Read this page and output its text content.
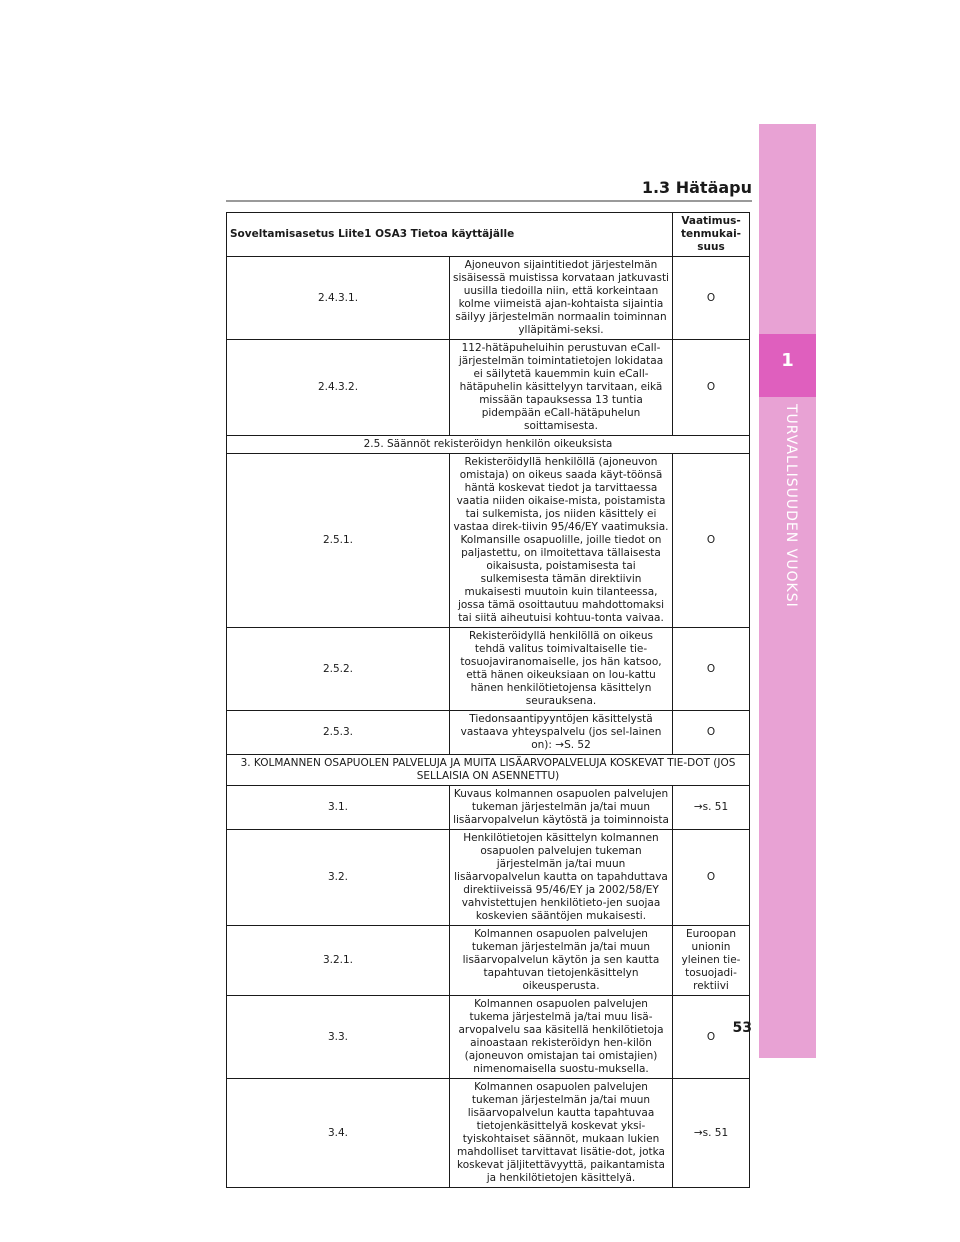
1
TURVALLISUUDEN VUOKSI
1.3 Hätäapu
Soveltamisasetus Liite1 OSA3 Tietoa käyttäjälle		Vaatimus-tenmukai-suus
2.4.3.1.	Ajoneuvon sijaintitiedot järjestelmän sisäisessä muistissa korvataan jatkuvasti uusilla tiedoilla niin, että korkeintaan kolme viimeistä ajan-kohtaista sijaintia säilyy järjestelmän normaalin toiminnan ylläpitämi-seksi.	O
2.4.3.2.	112-hätäpuheluihin perustuvan eCall-järjestelmän toimintatietojen lokidataa ei säilytetä kauemmin kuin eCall-hätäpuhelin käsittelyyn tarvitaan, eikä missään tapauksessa 13 tuntia pidempään eCall-hätäpuhelun soittamisesta.	O
2.5. Säännöt rekisteröidyn henkilön oikeuksista		
2.5.1.	Rekisteröidyllä henkilöllä (ajoneuvon omistaja) on oikeus saada käyt-töönsä häntä koskevat tiedot ja tarvittaessa vaatia niiden oikaise-mista, poistamista tai sulkemista, jos niiden käsittely ei vastaa direk-tiivin 95/46/EY vaatimuksia. Kolmansille osapuolille, joille tiedot on paljastettu, on ilmoitettava tällaisesta oikaisusta, poistamisesta tai sulkemisesta tämän direktiivin mukaisesti muutoin kuin tilanteessa, jossa tämä osoittautuu mahdottomaksi tai siitä aiheutuisi kohtuu-tonta vaivaa.	O
2.5.2.	Rekisteröidyllä henkilöllä on oikeus tehdä valitus toimivaltaiselle tie-tosuojaviranomaiselle, jos hän katsoo, että hänen oikeuksiaan on lou-kattu hänen henkilötietojensa käsittelyn seurauksena.	O
2.5.3.	Tiedonsaantipyyntöjen käsittelystä vastaava yhteyspalvelu (jos sel-lainen on): →S. 52	O
3. KOLMANNEN OSAPUOLEN PALVELUJA JA MUITA LISÄARVOPALVELUJA KOSKEVAT TIE-DOT (JOS SELLAISIA ON ASENNETTU)		
3.1.	Kuvaus kolmannen osapuolen palvelujen tukeman järjestelmän ja/tai muun lisäarvopalvelun käytöstä ja toiminnoista	→s. 51
3.2.	Henkilötietojen käsittelyn kolmannen osapuolen palvelujen tukeman järjestelmän ja/tai muun lisäarvopalvelun kautta on tapahduttava direktiiveissä 95/46/EY ja 2002/58/EY vahvistettujen henkilötieto-jen suojaa koskevien sääntöjen mukaisesti.	O
3.2.1.	Kolmannen osapuolen palvelujen tukeman järjestelmän ja/tai muun lisäarvopalvelun käytön ja sen kautta tapahtuvan tietojenkäsittelyn oikeusperusta.	Euroopan unionin yleinen tie-tosuojadi-rektiivi
3.3.	Kolmannen osapuolen palvelujen tukema järjestelmä ja/tai muu lisä-arvopalvelu saa käsitellä henkilötietoja ainoastaan rekisteröidyn hen-kilön (ajoneuvon omistajan tai omistajien) nimenomaisella suostu-muksella.	O
3.4.	Kolmannen osapuolen palvelujen tukeman järjestelmän ja/tai muun lisäarvopalvelun kautta tapahtuvaa tietojenkäsittelyä koskevat yksi-tyiskohtaiset säännöt, mukaan lukien mahdolliset tarvittavat lisätie-dot, jotka koskevat jäljitettävyyttä, paikantamista ja henkilötietojen käsittelyä.	→s. 51
53
